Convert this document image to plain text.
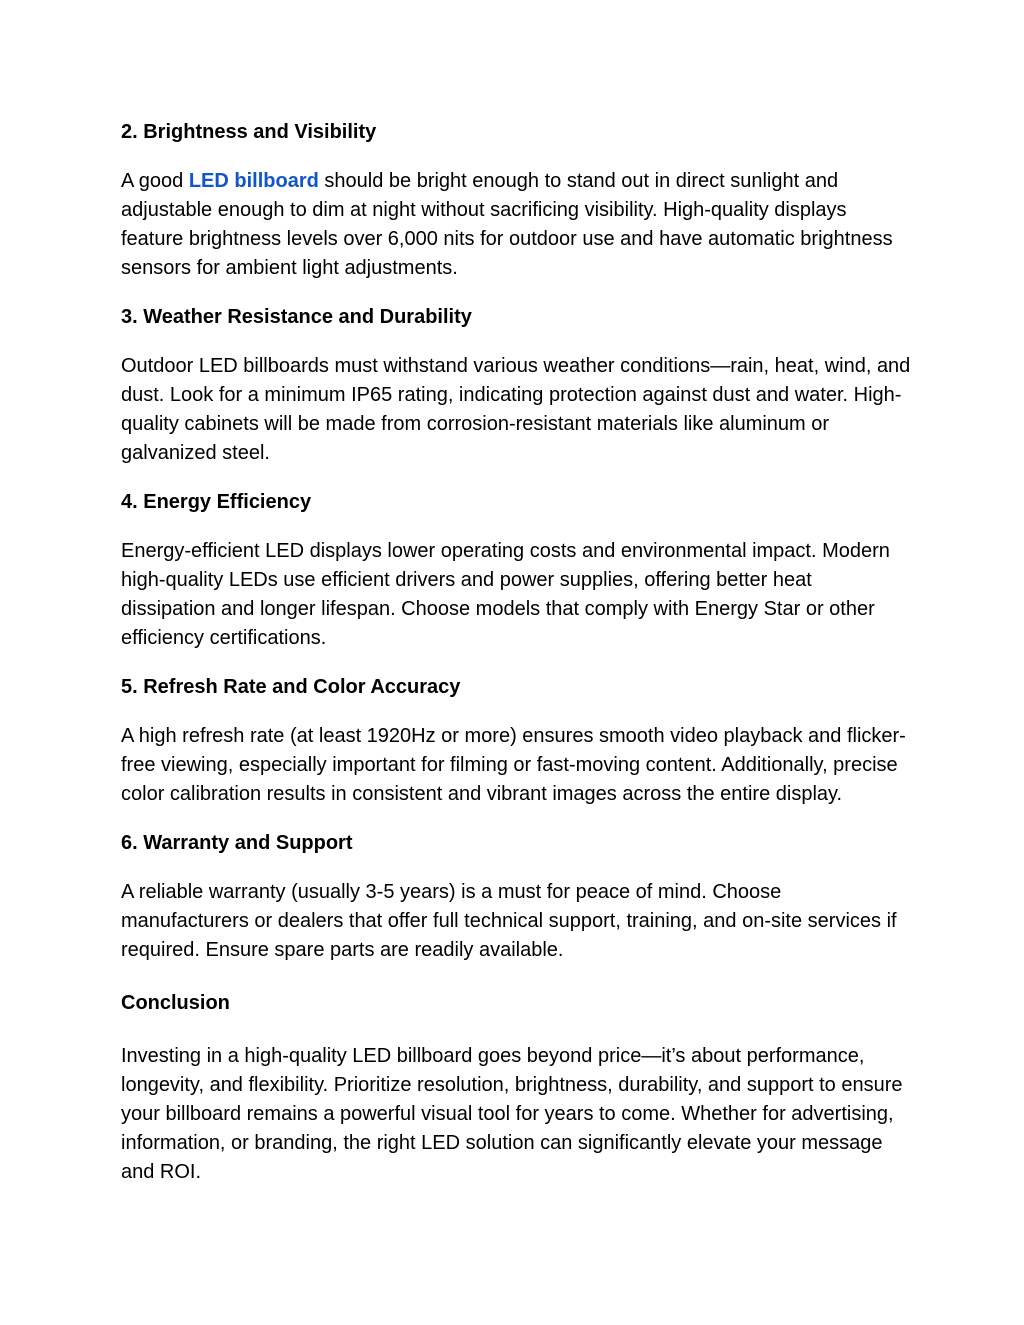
2. Brightness and Visibility

A good LED billboard should be bright enough to stand out in direct sunlight and adjustable enough to dim at night without sacrificing visibility. High-quality displays feature brightness levels over 6,000 nits for outdoor use and have automatic brightness sensors for ambient light adjustments.

3. Weather Resistance and Durability

Outdoor LED billboards must withstand various weather conditions—rain, heat, wind, and dust. Look for a minimum IP65 rating, indicating protection against dust and water. High-quality cabinets will be made from corrosion-resistant materials like aluminum or galvanized steel.

4. Energy Efficiency

Energy-efficient LED displays lower operating costs and environmental impact. Modern high-quality LEDs use efficient drivers and power supplies, offering better heat dissipation and longer lifespan. Choose models that comply with Energy Star or other efficiency certifications.

5. Refresh Rate and Color Accuracy

A high refresh rate (at least 1920Hz or more) ensures smooth video playback and flicker-free viewing, especially important for filming or fast-moving content. Additionally, precise color calibration results in consistent and vibrant images across the entire display.

6. Warranty and Support

A reliable warranty (usually 3-5 years) is a must for peace of mind. Choose manufacturers or dealers that offer full technical support, training, and on-site services if required. Ensure spare parts are readily available.

Conclusion

Investing in a high-quality LED billboard goes beyond price—it’s about performance, longevity, and flexibility. Prioritize resolution, brightness, durability, and support to ensure your billboard remains a powerful visual tool for years to come. Whether for advertising, information, or branding, the right LED solution can significantly elevate your message and ROI.
